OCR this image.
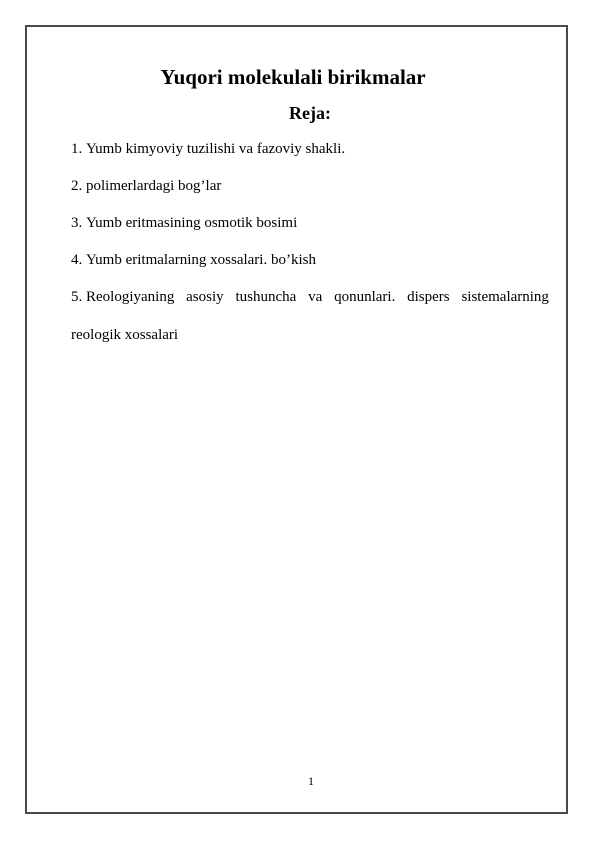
Yuqori molekulali birikmalar
Reja:
1. Yumb kimyoviy tuzilishi va fazoviy shakli.
2. polimerlardagi bog’lar
3. Yumb eritmasining osmotik bosimi
4. Yumb eritmalarning xossalari. bo’kish
5. Reologiyaning asosiy tushuncha va qonunlari. dispers sistemalarning
reologik xossalari
1
